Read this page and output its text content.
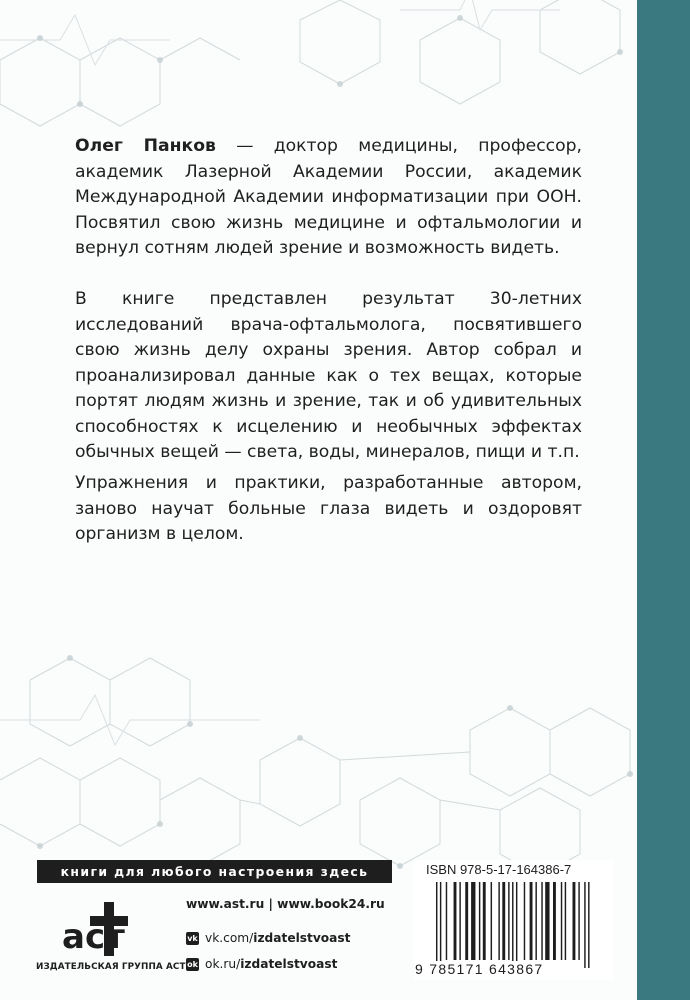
Олег Панков — доктор медицины, профессор, академик Лазерной Академии России, академик Международной Академии информатизации при ООН. Посвятил свою жизнь медицине и офтальмологии и вернул сотням людей зрение и возможность видеть.

В книге представлен результат 30-летних исследований врача-офтальмолога, посвятившего свою жизнь делу охраны зрения. Автор собрал и проанализировал данные как о тех вещах, которые портят людям жизнь и зрение, так и об удивительных способностях к исцелению и необычных эффектах обычных вещей — света, воды, минералов, пищи и т.п.

Упражнения и практики, разработанные автором, заново научат больные глаза видеть и оздоровят организм в целом.

книги для любого настроения здесь
аст
ИЗДАТЕЛЬСКАЯ ГРУППА АСТ
www.ast.ru | www.book24.ru
vk vk.com/ izdatelstvoast
ok ok.ru/ izdatelstvoast
ISBN 978-5-17-164386-7
9 785171 643867
